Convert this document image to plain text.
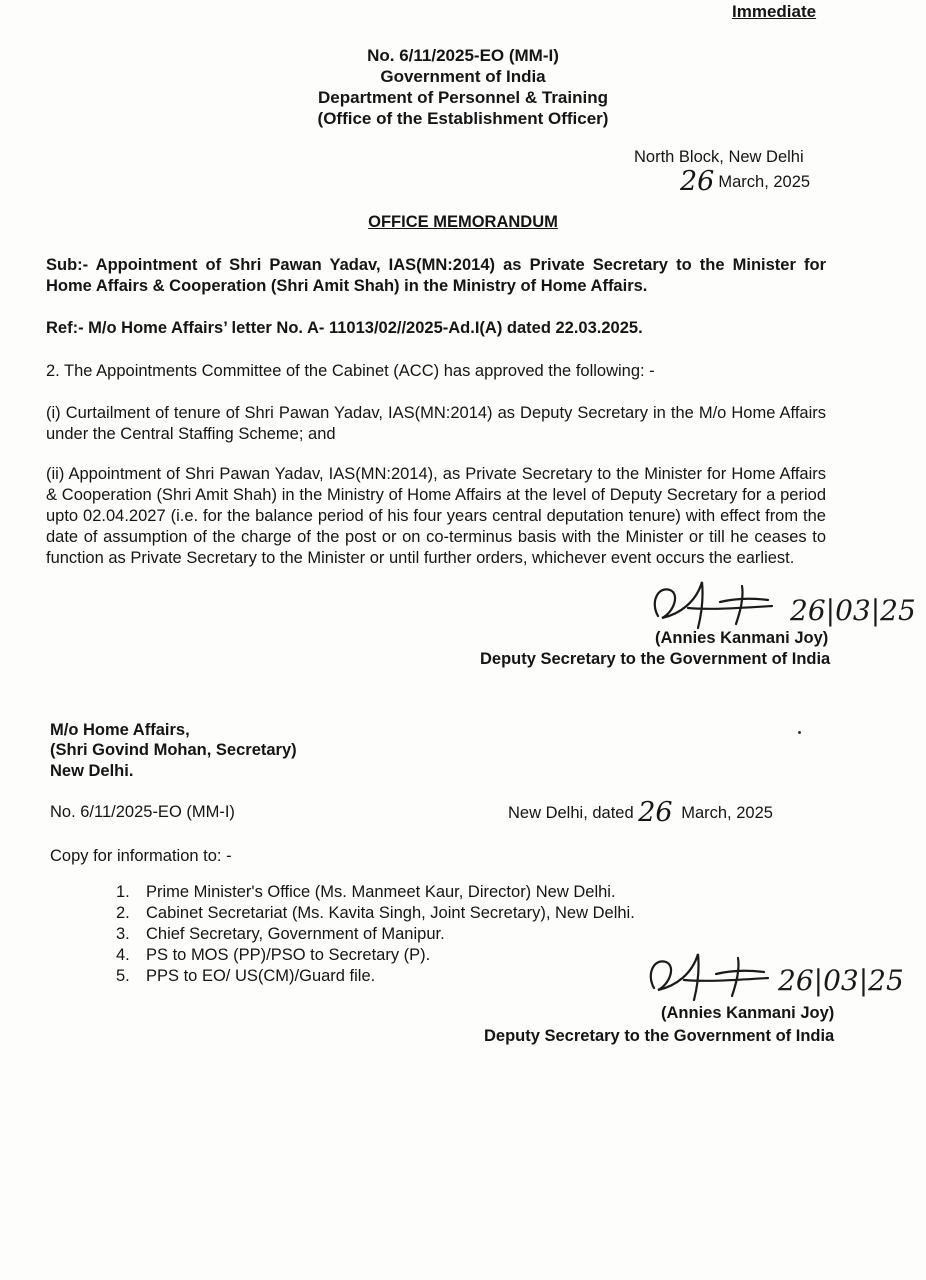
Immediate
No. 6/11/2025-EO (MM-I)
Government of India
Department of Personnel & Training
(Office of the Establishment Officer)
North Block, New Delhi
26 March, 2025
OFFICE MEMORANDUM
Sub:- Appointment of Shri Pawan Yadav, IAS(MN:2014) as Private Secretary to the Minister for Home Affairs & Cooperation (Shri Amit Shah) in the Ministry of Home Affairs.
Ref:- M/o Home Affairs’ letter No. A- 11013/02//2025-Ad.I(A) dated 22.03.2025.
2. The Appointments Committee of the Cabinet (ACC) has approved the following: -
(i) Curtailment of tenure of Shri Pawan Yadav, IAS(MN:2014) as Deputy Secretary in the M/o Home Affairs under the Central Staffing Scheme; and
(ii) Appointment of Shri Pawan Yadav, IAS(MN:2014), as Private Secretary to the Minister for Home Affairs & Cooperation (Shri Amit Shah) in the Ministry of Home Affairs at the level of Deputy Secretary for a period upto 02.04.2027 (i.e. for the balance period of his four years central deputation tenure) with effect from the date of assumption of the charge of the post or on co-terminus basis with the Minister or till he ceases to function as Private Secretary to the Minister or until further orders, whichever event occurs the earliest.
26|03|25
(Annies Kanmani Joy)
Deputy Secretary to the Government of India
M/o Home Affairs,
(Shri Govind Mohan, Secretary)
New Delhi.
No. 6/11/2025-EO (MM-I)	New Delhi, dated 26 March, 2025
Copy for information to: -
1. Prime Minister's Office (Ms. Manmeet Kaur, Director) New Delhi.
2. Cabinet Secretariat (Ms. Kavita Singh, Joint Secretary), New Delhi.
3. Chief Secretary, Government of Manipur.
4. PS to MOS (PP)/PSO to Secretary (P).
5. PPS to EO/ US(CM)/Guard file.	26|03|25
(Annies Kanmani Joy)
Deputy Secretary to the Government of India
